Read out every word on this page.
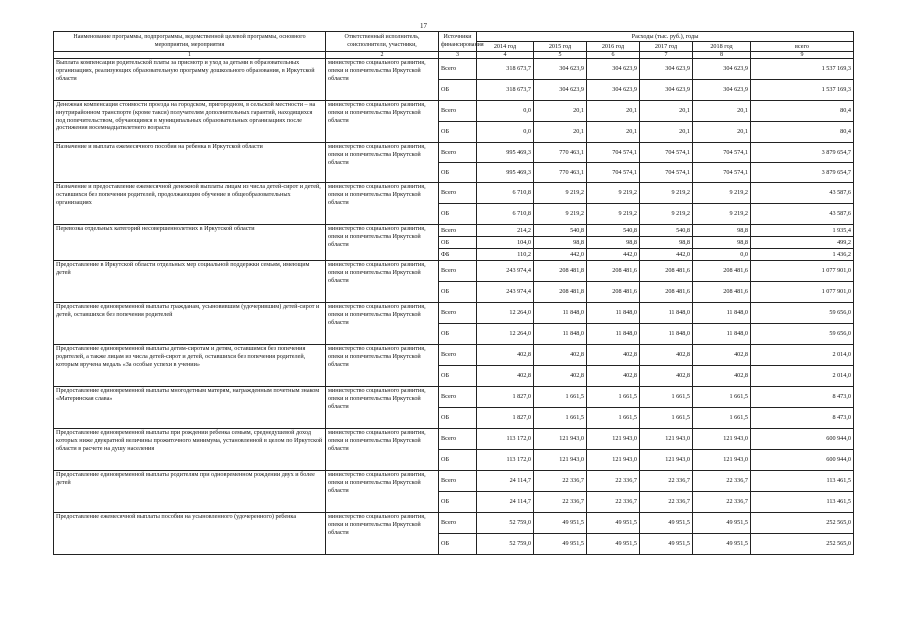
17
Наименование программы, подпрограммы, ведомственной целевой программы, основного мероприятия, мероприятия	Ответственный исполнитель, соисполнители, участники,	Источники финансирования	Расходы (тыс. руб.), годы					
			2014 год	2015 год	2016 год	2017 год	2018 год	всего
1	2	3	4	5	6	7	8	9
Выплата компенсации родительской платы за присмотр и уход за детьми в образовательных организациях, реализующих образовательную программу дошкольного образования, в Иркутской области	министерство социального развития, опеки и попечительства Иркутской области	Всего	318 673,7	304 623,9	304 623,9	304 623,9	304 623,9	1 537 169,3
		ОБ	318 673,7	304 623,9	304 623,9	304 623,9	304 623,9	1 537 169,3
Денежная компенсация стоимости проезда на городском, пригородном, в сельской местности – на внутрирайонном транспорте (кроме такси) получателям дополнительных гарантий, находящихся под попечительством, обучающимся в муниципальных образовательных организациях после достижения восемнадцатилетнего возраста	министерство социального развития, опеки и попечительства Иркутской области	Всего	0,0	20,1	20,1	20,1	20,1	80,4
		ОБ	0,0	20,1	20,1	20,1	20,1	80,4
Назначение и выплата ежемесячного пособия на ребенка в Иркутской области	министерство социального развития, опеки и попечительства Иркутской области	Всего	995 469,3	770 463,1	704 574,1	704 574,1	704 574,1	3 879 654,7
		ОБ	995 469,3	770 463,1	704 574,1	704 574,1	704 574,1	3 879 654,7
Назначение и предоставление ежемесячной денежной выплаты лицам из числа детей-сирот и детей, оставшихся без попечения родителей, продолжающим обучение в общеобразовательных организациях	министерство социального развития, опеки и попечительства Иркутской области	Всего	6 710,8	9 219,2	9 219,2	9 219,2	9 219,2	43 587,6
		ОБ	6 710,8	9 219,2	9 219,2	9 219,2	9 219,2	43 587,6
Перевозка отдельных категорий несовершеннолетних в Иркутской области	министерство социального развития, опеки и попечительства Иркутской области	Всего	214,2	540,8	540,8	540,8	98,8	1 935,4
		ОБ	104,0	98,8	98,8	98,8	98,8	499,2
		ФБ	110,2	442,0	442,0	442,0	0,0	1 436,2
Предоставление в Иркутской области отдельных мер социальной поддержки семьям, имеющим детей	министерство социального развития, опеки и попечительства Иркутской области	Всего	243 974,4	208 481,8	208 481,6	208 481,6	208 481,6	1 077 901,0
		ОБ	243 974,4	208 481,8	208 481,6	208 481,6	208 481,6	1 077 901,0
Предоставление единовременной выплаты гражданам, усыновившим (удочерившим) детей-сирот и детей, оставшихся без попечения родителей	министерство социального развития, опеки и попечительства Иркутской области	Всего	12 264,0	11 848,0	11 848,0	11 848,0	11 848,0	59 656,0
		ОБ	12 264,0	11 848,0	11 848,0	11 848,0	11 848,0	59 656,0
Предоставление единовременной выплаты детям-сиротам и детям, оставшимся без попечения родителей, а также лицам из числа детей-сирот и детей, оставшихся без попечения родителей, которым вручена медаль «За особые успехи в учении»	министерство социального развития, опеки и попечительства Иркутской области	Всего	402,8	402,8	402,8	402,8	402,8	2 014,0
		ОБ	402,8	402,8	402,8	402,8	402,8	2 014,0
Предоставление единовременной выплаты многодетным матерям, награжденным почетным знаком «Материнская слава»	министерство социального развития, опеки и попечительства Иркутской области	Всего	1 827,0	1 661,5	1 661,5	1 661,5	1 661,5	8 473,0
		ОБ	1 827,0	1 661,5	1 661,5	1 661,5	1 661,5	8 473,0
Предоставление единовременной выплаты при рождении ребенка семьям, среднедушевой доход которых ниже двукратной величины прожиточного минимума, установленной в целом по Иркутской области в расчете на душу населения	министерство социального развития, опеки и попечительства Иркутской области	Всего	113 172,0	121 943,0	121 943,0	121 943,0	121 943,0	600 944,0
		ОБ	113 172,0	121 943,0	121 943,0	121 943,0	121 943,0	600 944,0
Предоставление единовременной выплаты родителям при одновременном рождении двух и более детей	министерство социального развития, опеки и попечительства Иркутской области	Всего	24 114,7	22 336,7	22 336,7	22 336,7	22 336,7	113 461,5
		ОБ	24 114,7	22 336,7	22 336,7	22 336,7	22 336,7	113 461,5
Предоставление ежемесячной выплаты пособия на усыновленного (удочеренного) ребенка	министерство социального развития, опеки и попечительства Иркутской области	Всего	52 759,0	49 951,5	49 951,5	49 951,5	49 951,5	252 565,0
		ОБ	52 759,0	49 951,5	49 951,5	49 951,5	49 951,5	252 565,0
